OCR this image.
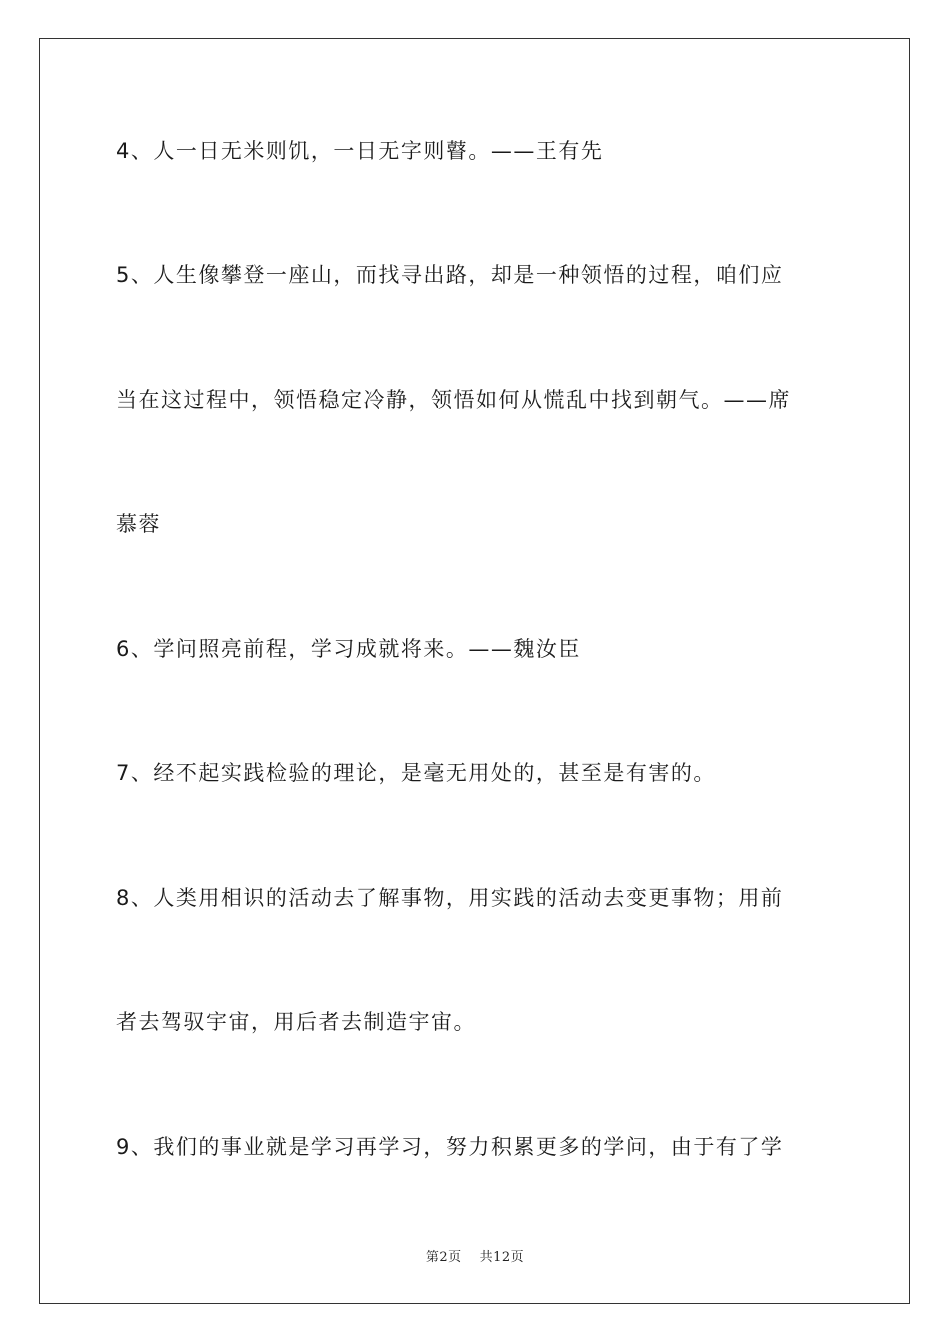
4、人一日无米则饥，一日无字则瞽。——王有先
5、人生像攀登一座山，而找寻出路，却是一种领悟的过程，咱们应
当在这过程中，领悟稳定冷静，领悟如何从慌乱中找到朝气。——席
慕蓉
6、学问照亮前程，学习成就将来。——魏汝臣
7、经不起实践检验的理论，是毫无用处的，甚至是有害的。
8、人类用相识的活动去了解事物，用实践的活动去变更事物；用前
者去驾驭宇宙，用后者去制造宇宙。
9、我们的事业就是学习再学习，努力积累更多的学问，由于有了学
第2页 共12页
